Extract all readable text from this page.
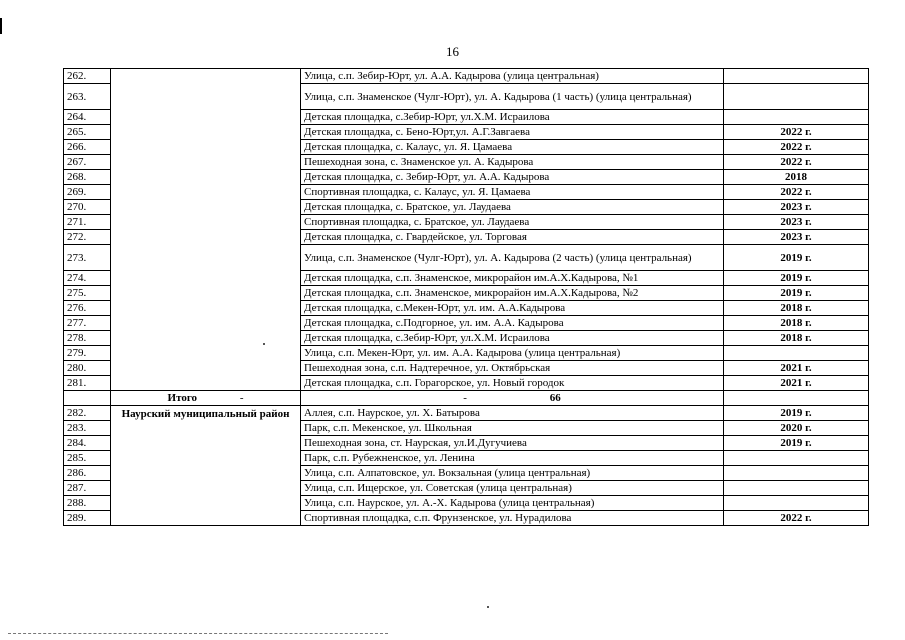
16
262.		Улица, с.п. Зебир-Юрт, ул. А.А. Кадырова (улица центральная)	
263.		Улица, с.п. Знаменское (Чулг-Юрт), ул. А. Кадырова (1 часть) (улица центральная)	
264.		Детская площадка, с.Зебир-Юрт, ул.Х.М. Исраилова	
265.		Детская площадка, с. Бено-Юрт,ул. А.Г.Завгаева	2022 г.
266.		Детская площадка, с. Калаус, ул. Я. Цамаева	2022 г.
267.		Пешеходная зона, с. Знаменское ул. А. Кадырова	2022 г.
268.		Детская площадка, с. Зебир-Юрт, ул. А.А. Кадырова	2018
269.		Спортивная площадка, с. Калаус, ул. Я. Цамаева	2022 г.
270.		Детская площадка, с. Братское, ул. Лаудаева	2023 г.
271.		Спортивная площадка, с. Братское, ул. Лаудаева	2023 г.
272.		Детская площадка, с. Гвардейское, ул. Торговая	2023 г.
273.		Улица, с.п. Знаменское (Чулг-Юрт), ул. А. Кадырова (2 часть) (улица центральная)	2019 г.
274.		Детская площадка, с.п. Знаменское, микрорайон им.А.Х.Кадырова, №1	2019 г.
275.		Детская площадка, с.п. Знаменское, микрорайон им.А.Х.Кадырова, №2	2019 г.
276.		Детская площадка, с.Мекен-Юрт, ул. им. А.А.Кадырова	2018 г.
277.		Детская площадка, с.Подгорное, ул. им. А.А. Кадырова	2018 г.
278.		Детская площадка, с.Зебир-Юрт, ул.Х.М. Исраилова	2018 г.
279.		Улица, с.п. Мекен-Юрт, ул. им. А.А. Кадырова (улица центральная)	
280.		Пешеходная зона, с.п. Надтеречное, ул. Октябрьская	2021 г.
281.		Детская площадка, с.п. Горагорское, ул. Новый городок	2021 г.
	Итого -	- 66	
282.	Наурский муниципальный район	Аллея, с.п. Наурское, ул. Х. Батырова	2019 г.
283.		Парк, с.п. Мекенское, ул. Школьная	2020 г.
284.		Пешеходная зона, ст. Наурская, ул.И.Дугучиева	2019 г.
285.		Парк, с.п. Рубежненское, ул. Ленина	
286.		Улица, с.п. Алпатовское, ул. Вокзальная (улица центральная)	
287.		Улица, с.п. Ищерское, ул. Советская (улица центральная)	
288.		Улица, с.п. Наурское, ул. А.-Х. Кадырова (улица центральная)	
289.		Спортивная площадка, с.п. Фрунзенское, ул. Нурадилова	2022 г.
